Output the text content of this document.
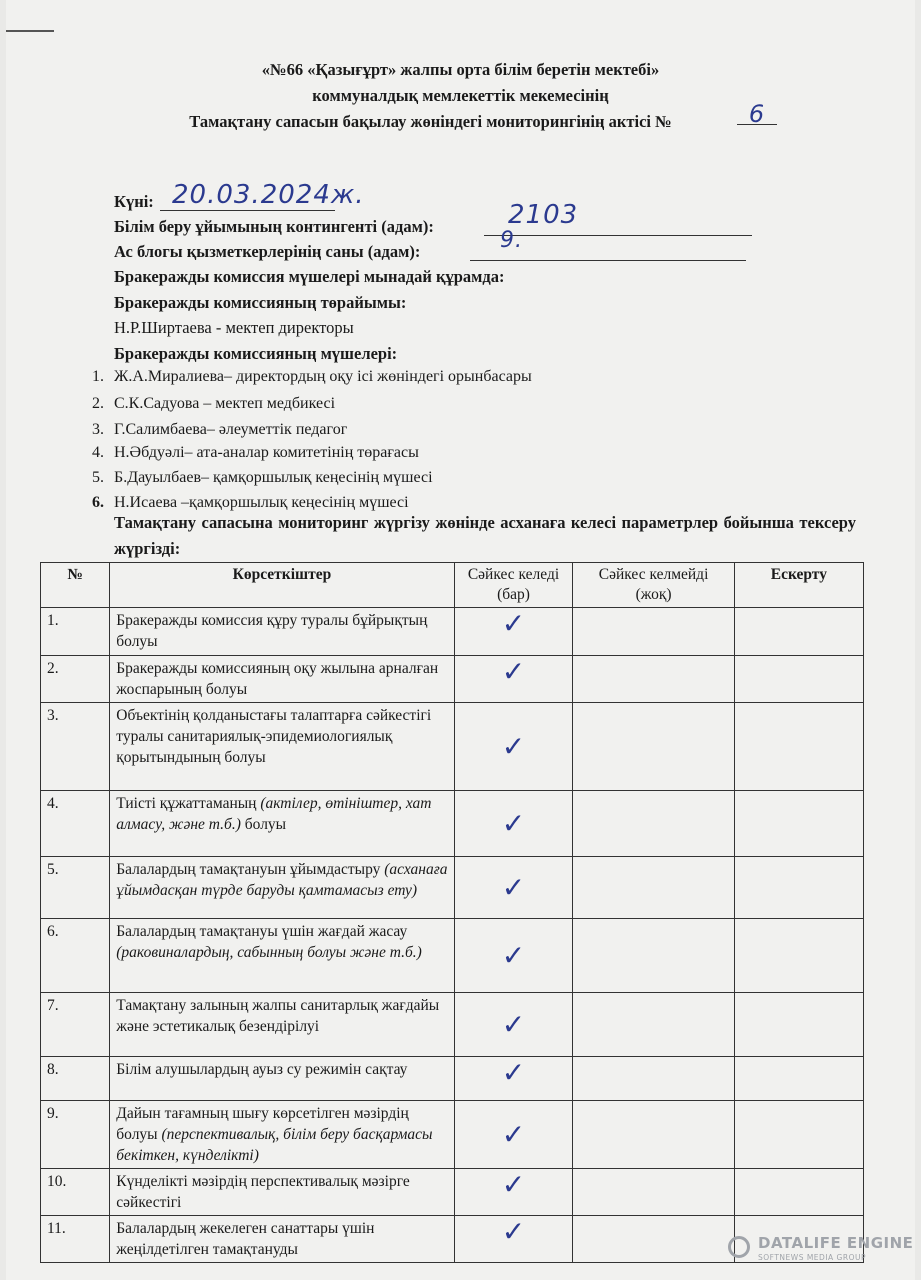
«№66 «Қазығұрт» жалпы орта білім беретін мектебі»
коммуналдық мемлекеттік мекемесінің
Тамақтану сапасын бақылау жөніндегі мониторингінің актісі №	6
Күні: 20.03.2024ж.
Білім беру ұйымының контингенті (адам):	2103
Ас блогы қызметкерлерінің саны (адам):	9.
Бракеражды комиссия мүшелері мынадай құрамда:
Бракеражды комиссияның төрайымы:
Н.Р.Ширтаева - мектеп директоры
Бракеражды комиссияның мүшелері:
1. Ж.А.Миралиева– директордың оқу ісі жөніндегі орынбасары
2. С.К.Садуова – мектеп медбикесі
3. Г.Салимбаева– әлеуметтік педагог
4. Н.Әбдуәлі– ата-аналар комитетінің төрағасы
5. Б.Дауылбаев– қамқоршылық кеңесінің мүшесі
6. Н.Исаева –қамқоршылық кеңесінің мүшесі
Тамақтану сапасына мониторинг жүргізу жөнінде асханаға келесі параметрлер бойынша тексеру жүргізді:
№	Көрсеткіштер	Сәйкес келеді (бар)	Сәйкес келмейді (жоқ)	Ескерту
1.	Бракеражды комиссия құру туралы бұйрықтың болуы	✓		

2.	Бракеражды комиссияның оқу жылына арналған жоспарының болуы	✓		

3.	Объектінің қолданыстағы талаптарға сәйкестігі туралы санитариялық-эпидемиологиялық қорытындының болуы	✓		

4.	Тиісті құжаттаманың (актілер, өтініштер, хат алмасу, және т.б.) болуы	✓		

5.	Балалардың тамақтануын ұйымдастыру (асханаға ұйымдасқан түрде баруды қамтамасыз ету)	✓		

6.	Балалардың тамақтануы үшін жағдай жасау (раковиналардың, сабынның болуы және т.б.)	✓		

7.	Тамақтану залының жалпы санитарлық жағдайы және эстетикалық безендірілуі	✓		

8.	Білім алушылардың ауыз су режимін сақтау	✓		

9.	Дайын тағамның шығу көрсетілген мәзірдің болуы (перспективалық, білім беру басқармасы бекіткен, күнделікті)	✓		

10.	Күнделікті мәзірдің перспективалық мәзірге сәйкестігі	✓		

11.	Балалардың жекелеген санаттары үшін жеңілдетілген тамақтануды	✓		
			DATALIFE ENGINE
SOFTNEWS MEDIA GROUP
